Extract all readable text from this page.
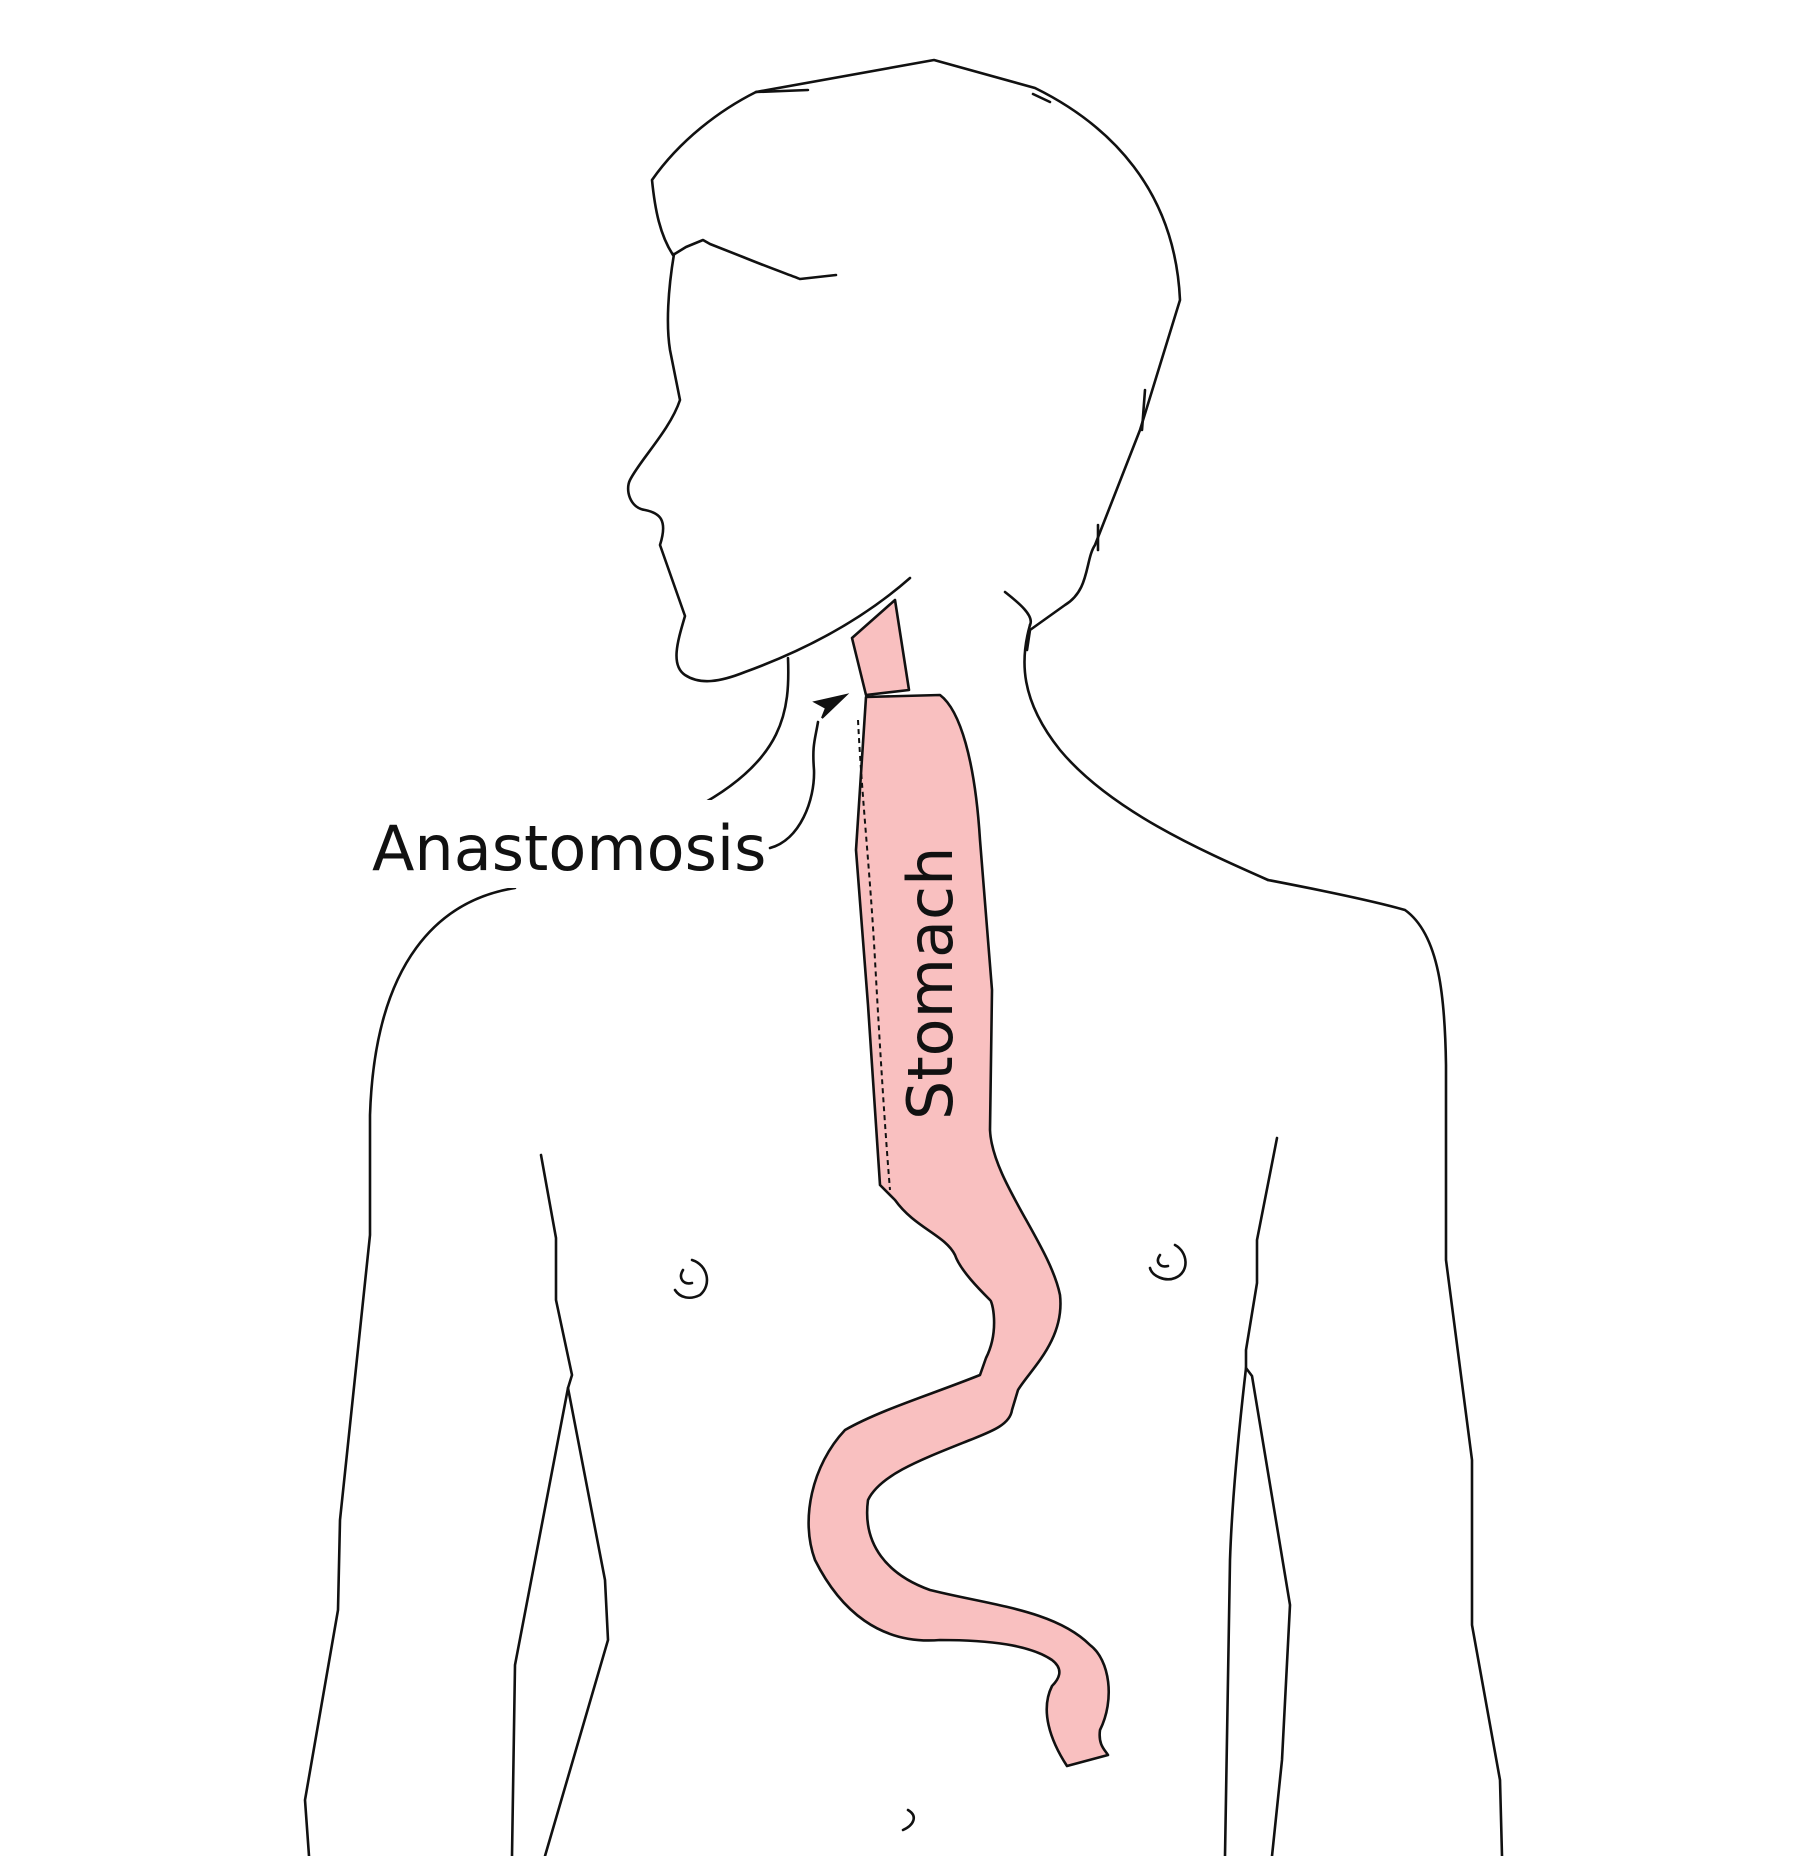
Stomach
Anastomosis
